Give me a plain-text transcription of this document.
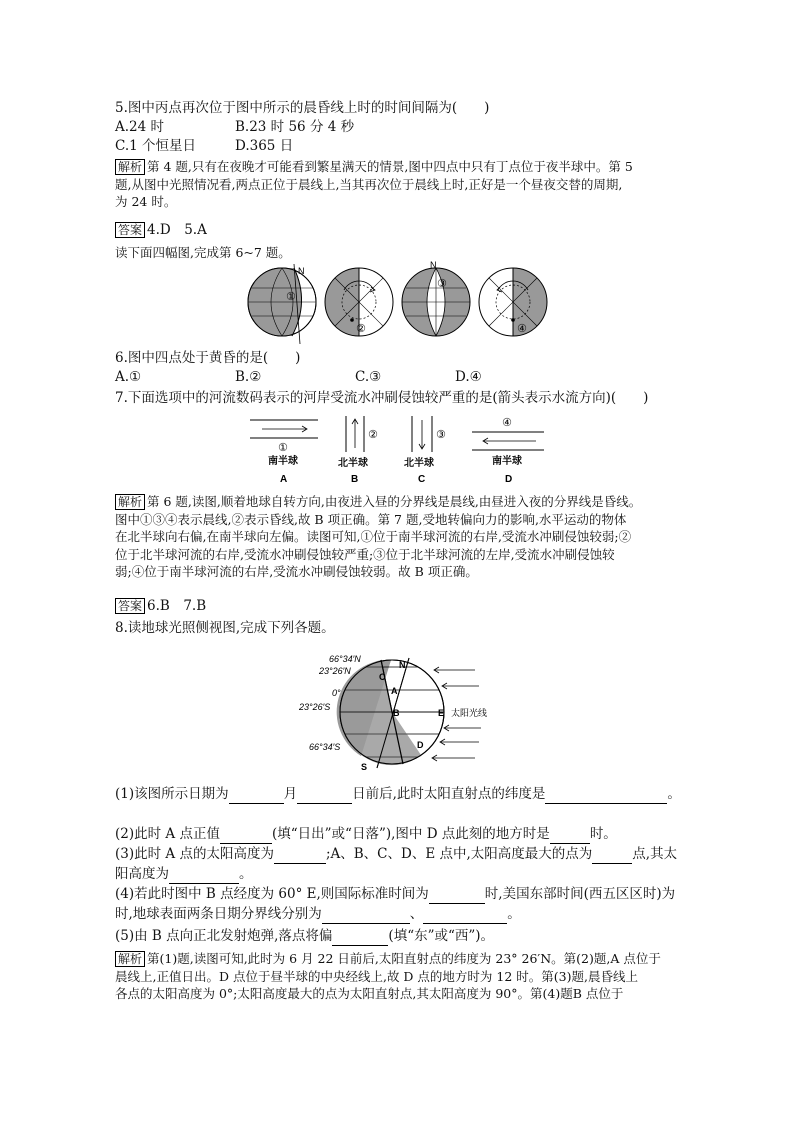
5.图中丙点再次位于图中所示的晨昏线上时的时间间隔为(　　)
A.24 时	B.23 时 56 分 4 秒
C.1 个恒星日	D.365 日
解析 第 4 题,只有在夜晚才可能看到繁星满天的情景,图中四点中只有丁点位于夜半球中。第 5
题,从图中光照情况看,两点正位于晨线上,当其再次位于晨线上时,正好是一个昼夜交替的周期,
为 24 时。
答案 4.D　5.A
读下面四幅图,完成第 6~7 题。
N
①
②
N
③
④
6.图中四点处于黄昏的是(　　)
A.①	B.②	C.③	D.④
7.下面选项中的河流数码表示的河岸受流水冲刷侵蚀较严重的是(箭头表示水流方向)(　　)
①
南半球
A
②
北半球
B
③
北半球
C
④
南半球
D
解析 第 6 题,读图,顺着地球自转方向,由夜进入昼的分界线是晨线,由昼进入夜的分界线是昏线。
图中①③④表示晨线,②表示昏线,故 B 项正确。第 7 题,受地转偏向力的影响,水平运动的物体
在北半球向右偏,在南半球向左偏。读图可知,①位于南半球河流的右岸,受流水冲刷侵蚀较弱;②
位于北半球河流的右岸,受流水冲刷侵蚀较严重;③位于北半球河流的左岸,受流水冲刷侵蚀较
弱;④位于南半球河流的右岸,受流水冲刷侵蚀较弱。故 B 项正确。
答案 6.B　7.B
8.读地球光照侧视图,完成下列各题。
66°34′N
23°26′N
0°
23°26′S
66°34′S
N
S
C
A
B
D
E 太阳光线
(1)该图所示日期为	月	日前后,此时太阳直射点的纬度是	。
(2)此时 A 点正值	(填“日出”或“日落”),图中 D 点此刻的地方时是	时。
(3)此时 A 点的太阳高度为	;A、B、C、D、E 点中,太阳高度最大的点为	点,其太
阳高度为	。
(4)若此时图中 B 点经度为 60° E,则国际标准时间为	时,美国东部时间(西五区区时)为
时,地球表面两条日期分界线分别为	、	。
(5)由 B 点向正北发射炮弹,落点将偏	(填“东”或“西”)。
解析 第(1)题,读图可知,此时为 6 月 22 日前后,太阳直射点的纬度为 23° 26′N。第(2)题,A 点位于
晨线上,正值日出。D 点位于昼半球的中央经线上,故 D 点的地方时为 12 时。第(3)题,晨昏线上
各点的太阳高度为 0°;太阳高度最大的点为太阳直射点,其太阳高度为 90°。第(4)题B 点位于
